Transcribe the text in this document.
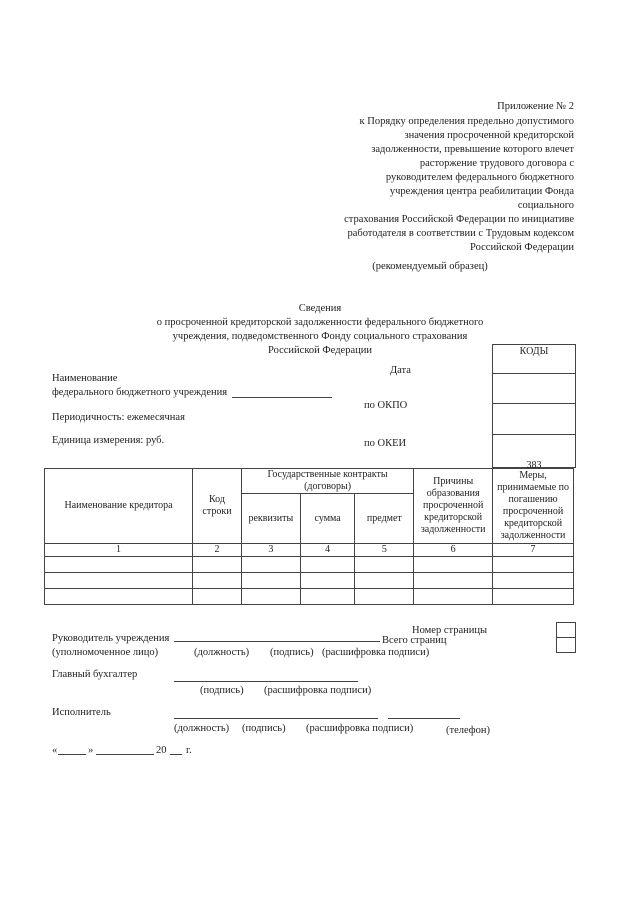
Приложение № 2
к Порядку определения предельно допустимого
значения просроченной кредиторской
задолженности, превышение которого влечет
расторжение трудового договора с
руководителем федерального бюджетного
учреждения центра реабилитации Фонда
социального
страхования Российской Федерации по инициативе
работодателя в соответствии с Трудовым кодексом
Российской Федерации
(рекомендуемый образец)
Сведения
о просроченной кредиторской задолженности федерального бюджетного
учреждения, подведомственного Фонду социального страхования
Российской Федерации
Наименование
федерального бюджетного учреждения
Периодичность: ежемесячная
Единица измерения: руб.
Дата
по ОКПО
по ОКЕИ
КОДЫ
383
Наименование кредитора	Код строки	Государственные контракты (договоры)			Причины образования просроченной кредиторской задолженности	Меры, принимаемые по погашению просроченной кредиторской задолженности
		реквизиты	сумма	предмет		
1	2	3	4	5	6	7

Номер страницы
Руководитель учреждения	Всего страниц
(уполномоченное лицо)	(должность) (подпись) (расшифровка подписи)
Главный бухгалтер
(подпись) (расшифровка подписи)
Исполнитель
(должность) (подпись) (расшифровка подписи)	(телефон)
«	»	20 г.
